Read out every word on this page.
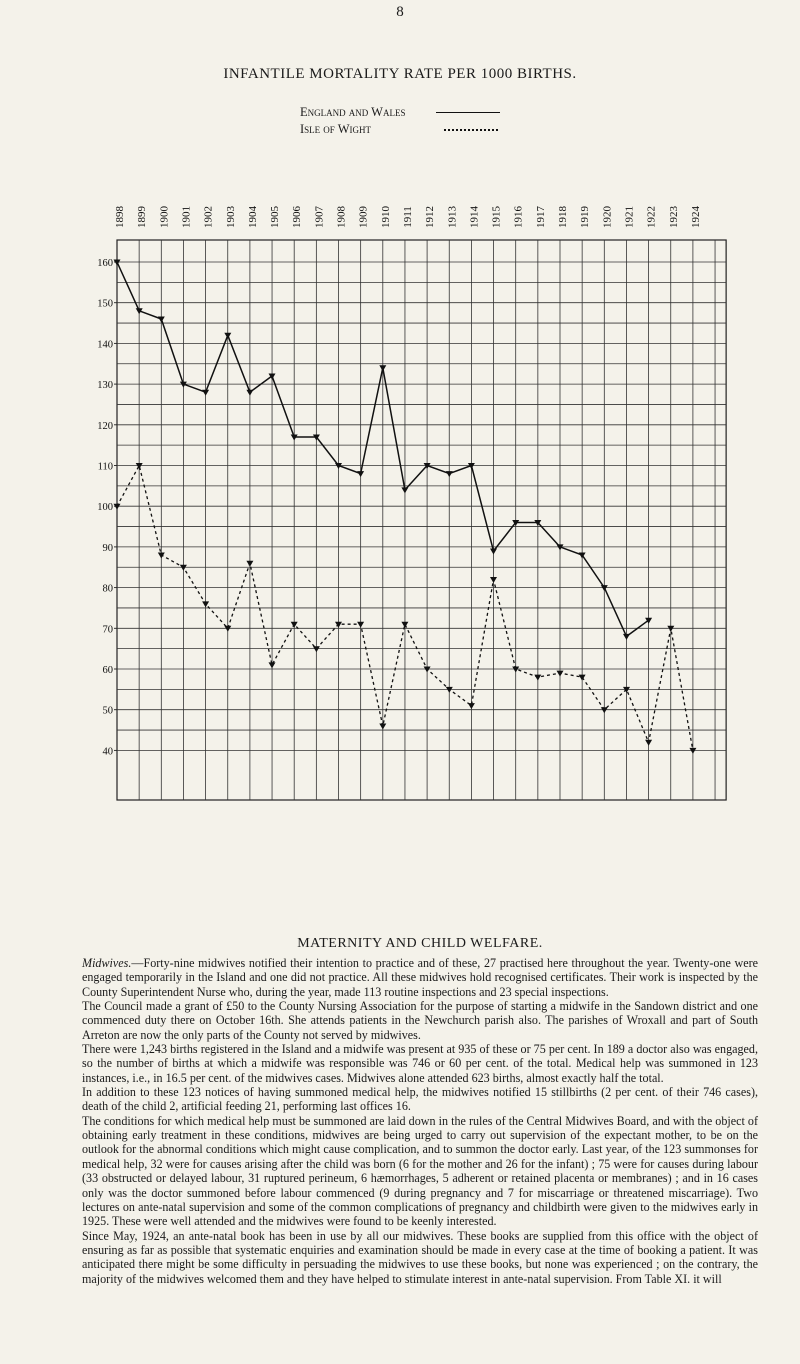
8
INFANTILE MORTALITY RATE PER 1000 BIRTHS.
England and Wales
Isle of Wight
160
150
140
130
120
110
100
90
80
70
60
50
40
1898 1899 1900 1901 1902 1903 1904 1905 1906 1907 1908 1909 1910 1911 1912 1913 1914 1915 1916 1917 1918 1919 1920 1921 1922 1923 1924
MATERNITY AND CHILD WELFARE.

Midwives.—Forty-nine midwives notified their intention to practice and of these, 27 practised here throughout the year. Twenty-one were engaged temporarily in the Island and one did not practice. All these midwives hold recognised certificates. Their work is inspected by the County Superintendent Nurse who, during the year, made 113 routine inspections and 23 special inspections.

The Council made a grant of £50 to the County Nursing Association for the purpose of starting a midwife in the Sandown district and one commenced duty there on October 16th. She attends patients in the Newchurch parish also. The parishes of Wroxall and part of South Arreton are now the only parts of the County not served by midwives.

There were 1,243 births registered in the Island and a midwife was present at 935 of these or 75 per cent. In 189 a doctor also was engaged, so the number of births at which a midwife was responsible was 746 or 60 per cent. of the total. Medical help was summoned in 123 instances, i.e., in 16.5 per cent. of the midwives cases. Midwives alone attended 623 births, almost exactly half the total.

In addition to these 123 notices of having summoned medical help, the midwives notified 15 stillbirths (2 per cent. of their 746 cases), death of the child 2, artificial feeding 21, performing last offices 16.

The conditions for which medical help must be summoned are laid down in the rules of the Central Midwives Board, and with the object of obtaining early treatment in these conditions, midwives are being urged to carry out supervision of the expectant mother, to be on the outlook for the abnormal conditions which might cause complication, and to summon the doctor early. Last year, of the 123 summonses for medical help, 32 were for causes arising after the child was born (6 for the mother and 26 for the infant) ; 75 were for causes during labour (33 obstructed or delayed labour, 31 ruptured perineum, 6 hæmorrhages, 5 adherent or retained placenta or membranes) ; and in 16 cases only was the doctor summoned before labour commenced (9 during pregnancy and 7 for miscarriage or threatened miscarriage). Two lectures on ante-natal supervision and some of the common complications of pregnancy and childbirth were given to the midwives early in 1925. These were well attended and the midwives were found to be keenly interested.

Since May, 1924, an ante-natal book has been in use by all our midwives. These books are supplied from this office with the object of ensuring as far as possible that systematic enquiries and examination should be made in every case at the time of booking a patient. It was anticipated there might be some difficulty in persuading the midwives to use these books, but none was experienced ; on the contrary, the majority of the midwives welcomed them and they have helped to stimulate interest in ante-natal supervision. From Table XI. it will
